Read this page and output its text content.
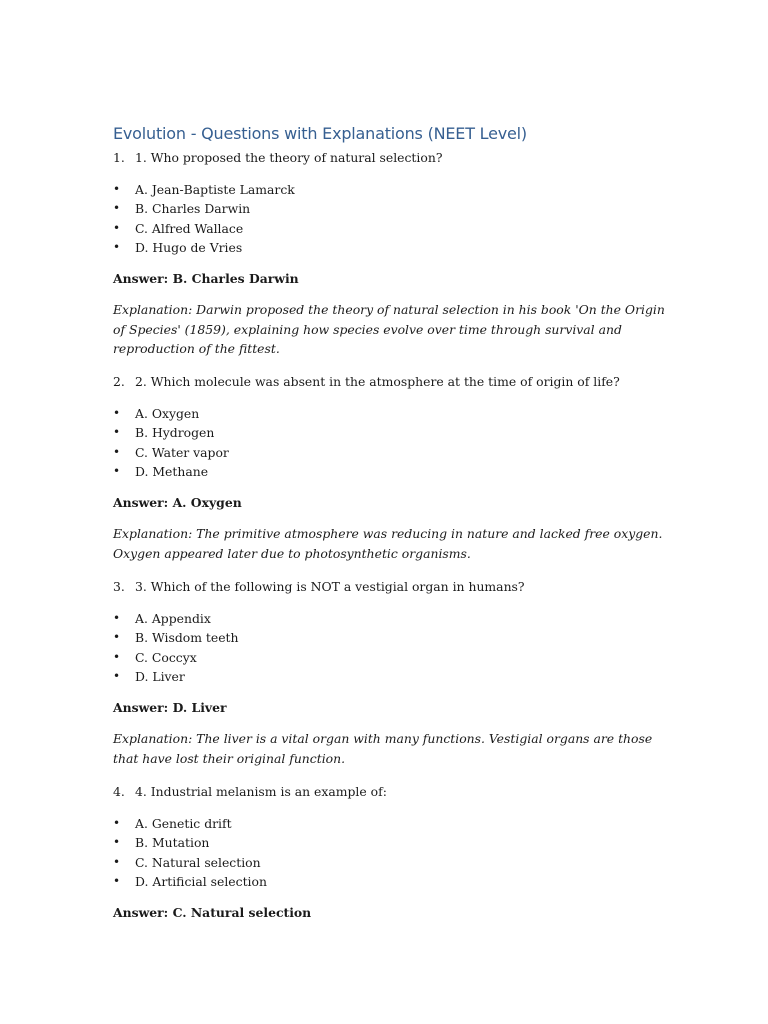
Evolution - Questions with Explanations (NEET Level)
1. 1. Who proposed the theory of natural selection?
•	A. Jean-Baptiste Lamarck
•	B. Charles Darwin
•	C. Alfred Wallace
•	D. Hugo de Vries
Answer: B. Charles Darwin
Explanation: Darwin proposed the theory of natural selection in his book 'On the Origin of Species' (1859), explaining how species evolve over time through survival and reproduction of the fittest.
2. 2. Which molecule was absent in the atmosphere at the time of origin of life?
•	A. Oxygen
•	B. Hydrogen
•	C. Water vapor
•	D. Methane
Answer: A. Oxygen
Explanation: The primitive atmosphere was reducing in nature and lacked free oxygen. Oxygen appeared later due to photosynthetic organisms.
3. 3. Which of the following is NOT a vestigial organ in humans?
•	A. Appendix
•	B. Wisdom teeth
•	C. Coccyx
•	D. Liver
Answer: D. Liver
Explanation: The liver is a vital organ with many functions. Vestigial organs are those that have lost their original function.
4. 4. Industrial melanism is an example of:
•	A. Genetic drift
•	B. Mutation
•	C. Natural selection
•	D. Artificial selection
Answer: C. Natural selection
